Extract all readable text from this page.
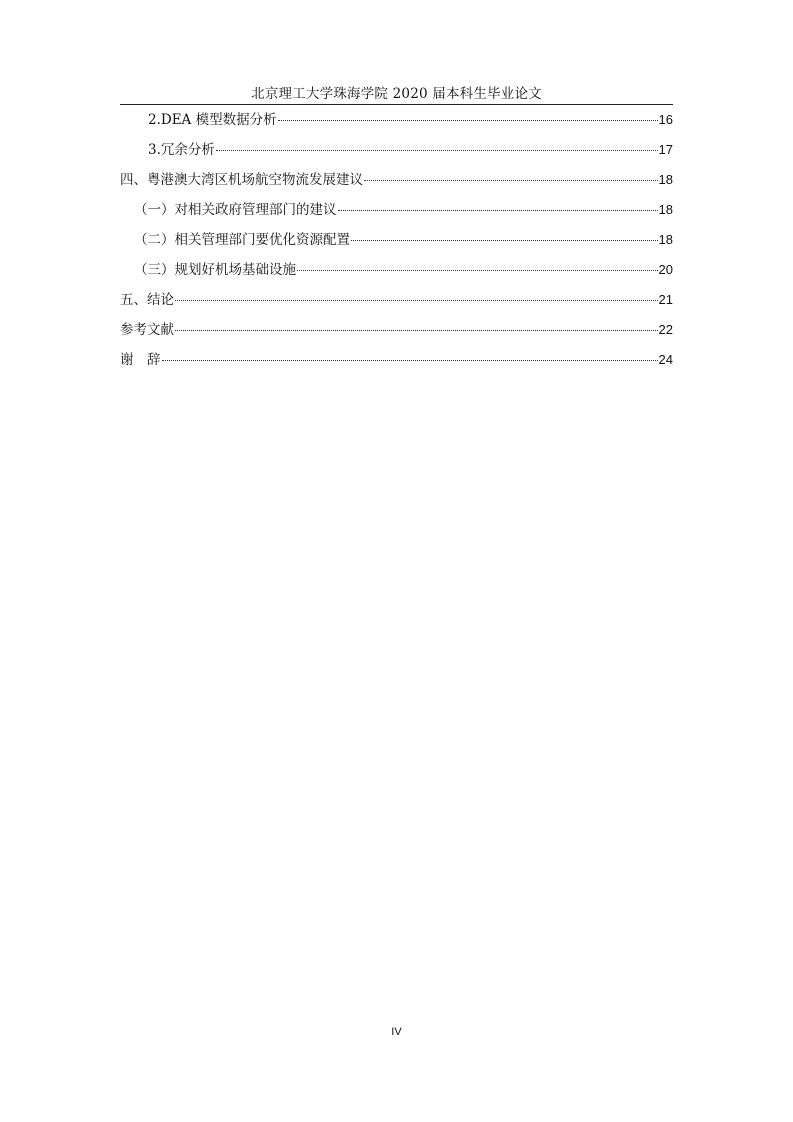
北京理工大学珠海学院 2020 届本科生毕业论文
2.DEA 模型数据分析	16
3.冗余分析	17
四、粤港澳大湾区机场航空物流发展建议	18
（一）对相关政府管理部门的建议	18
（二）相关管理部门要优化资源配置	18
（三）规划好机场基础设施	20
五、结论	21
参考文献	22
谢　辞	24
IV
